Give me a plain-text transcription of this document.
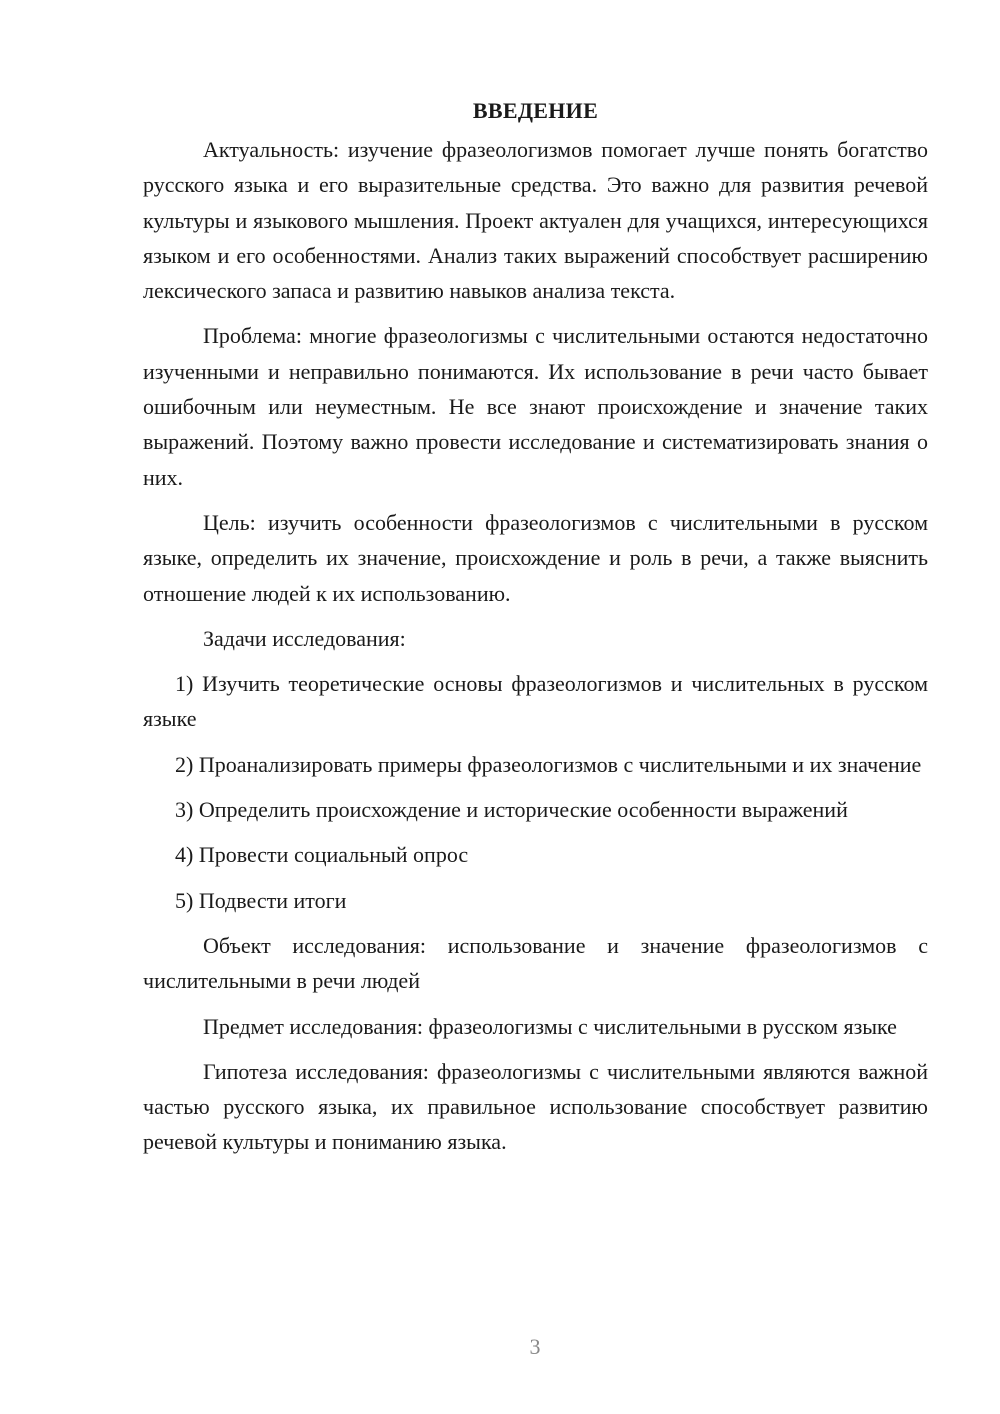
ВВЕДЕНИЕ

Актуальность: изучение фразеологизмов помогает лучше понять богатство русского языка и его выразительные средства. Это важно для развития речевой культуры и языкового мышления. Проект актуален для учащихся, интересующихся языком и его особенностями. Анализ таких выражений способствует расширению лексического запаса и развитию навыков анализа текста.

Проблема: многие фразеологизмы с числительными остаются недостаточно изученными и неправильно понимаются. Их использование в речи часто бывает ошибочным или неуместным. Не все знают происхождение и значение таких выражений. Поэтому важно провести исследование и систематизировать знания о них.

Цель: изучить особенности фразеологизмов с числительными в русском языке, определить их значение, происхождение и роль в речи, а также выяснить отношение людей к их использованию.

Задачи исследования:

1) Изучить теоретические основы фразеологизмов и числительных в русском языке

2) Проанализировать примеры фразеологизмов с числительными и их значение

3) Определить происхождение и исторические особенности выражений

4) Провести социальный опрос

5) Подвести итоги

Объект исследования: использование и значение фразеологизмов с числительными в речи людей

Предмет исследования: фразеологизмы с числительными в русском языке

Гипотеза исследования: фразеологизмы с числительными являются важной частью русского языка, их правильное использование способствует развитию речевой культуры и пониманию языка.

3
